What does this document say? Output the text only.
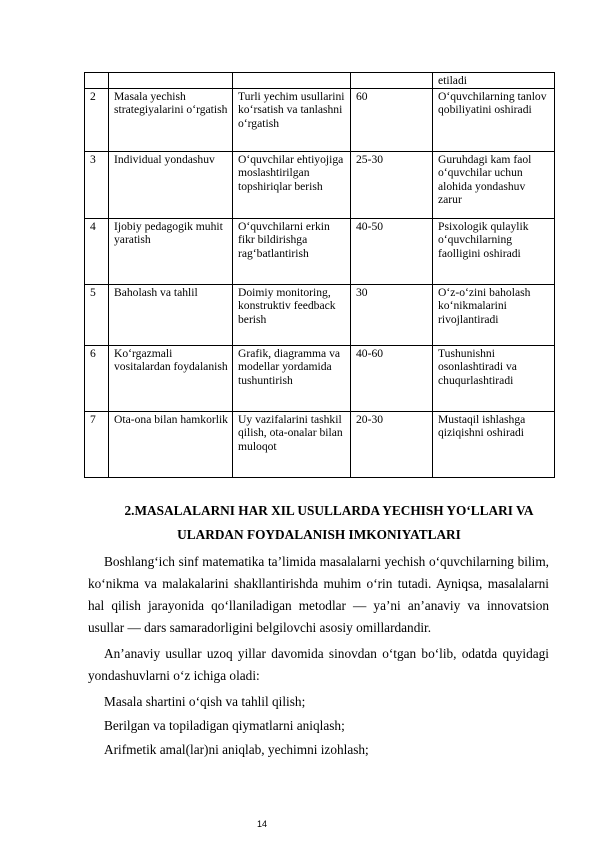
				etiladi
2	Masala yechish strategiyalarini o‘rgatish	Turli yechim usullarini ko‘rsatish va tanlashni o‘rgatish	60	O‘quvchilarning tanlov qobiliyatini oshiradi
3	Individual yondashuv	O‘quvchilar ehtiyojiga moslashtirilgan topshiriqlar berish	25-30	Guruhdagi kam faol o‘quvchilar uchun alohida yondashuv zarur
4	Ijobiy pedagogik muhit yaratish	O‘quvchilarni erkin fikr bildirishga rag‘batlantirish	40-50	Psixologik qulaylik o‘quvchilarning faolligini oshiradi
5	Baholash va tahlil	Doimiy monitoring, konstruktiv feedback berish	30	O‘z-o‘zini baholash ko‘nikmalarini rivojlantiradi
6	Ko‘rgazmali vositalardan foydalanish	Grafik, diagramma va modellar yordamida tushuntirish	40-60	Tushunishni osonlashtiradi va chuqurlashtiradi
7	Ota-ona bilan hamkorlik	Uy vazifalarini tashkil qilish, ota-onalar bilan muloqot	20-30	Mustaqil ishlashga qiziqishni oshiradi
2.MASALALARNI HAR XIL USULLARDA YECHISH YO‘LLARI VA
ULARDAN FOYDALANISH IMKONIYATLARI
Boshlang‘ich sinf matematika ta’limida masalalarni yechish o‘quvchilarning bilim, ko‘nikma va malakalarini shakllantirishda muhim o‘rin tutadi. Ayniqsa, masalalarni hal qilish jarayonida qo‘llaniladigan metodlar — ya’ni an’anaviy va innovatsion usullar — dars samaradorligini belgilovchi asosiy omillardandir.
An’anaviy usullar uzoq yillar davomida sinovdan o‘tgan bo‘lib, odatda quyidagi yondashuvlarni o‘z ichiga oladi:
Masala shartini o‘qish va tahlil qilish;
Berilgan va topiladigan qiymatlarni aniqlash;
Arifmetik amal(lar)ni aniqlab, yechimni izohlash;
14
